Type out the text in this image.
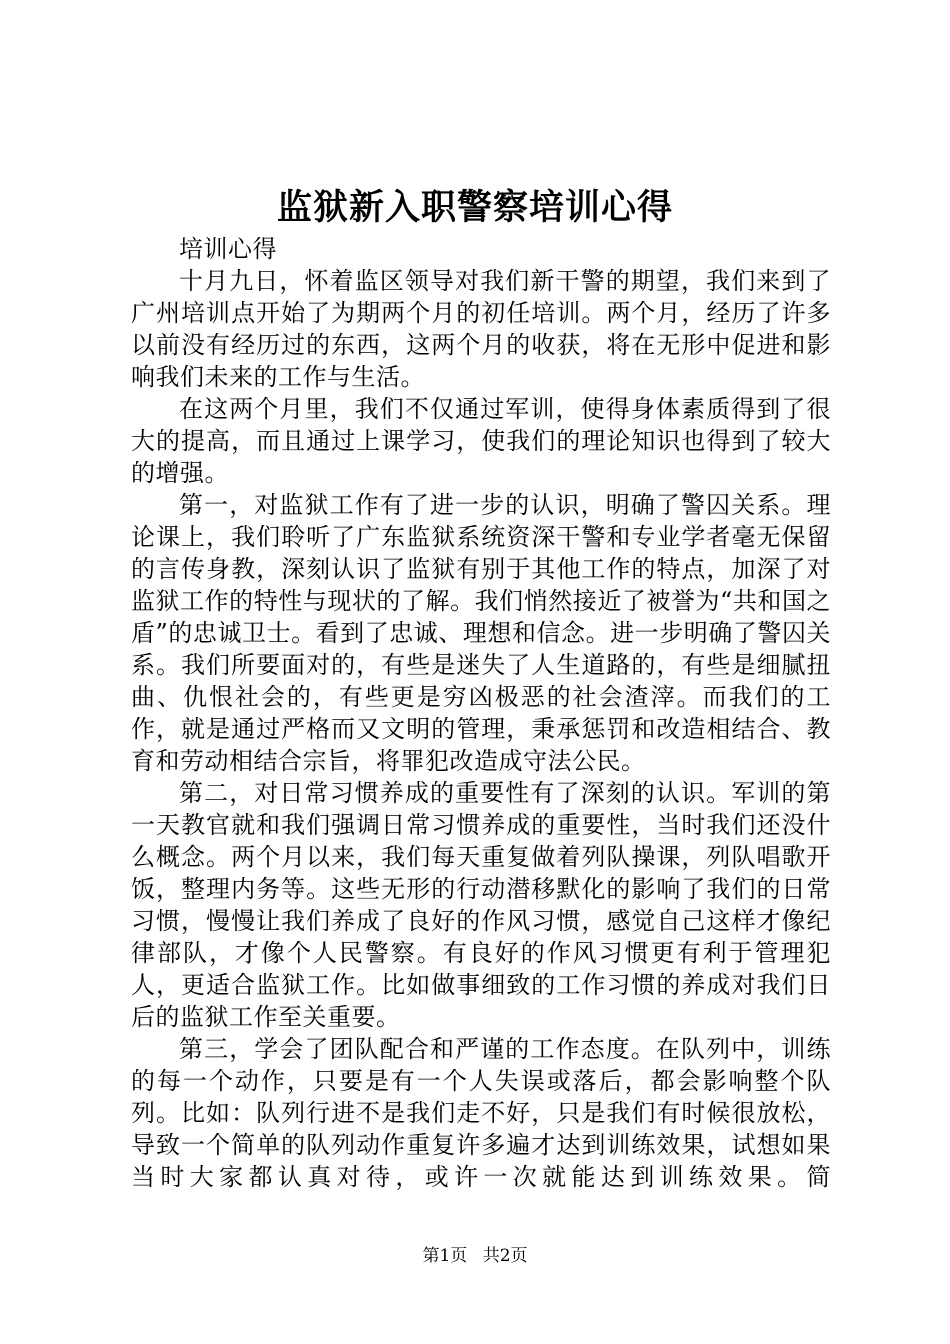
监狱新入职警察培训心得

培训心得

十月九日，怀着监区领导对我们新干警的期望，我们来到了广州培训点开始了为期两个月的初任培训。两个月，经历了许多以前没有经历过的东西，这两个月的收获，将在无形中促进和影响我们未来的工作与生活。

在这两个月里，我们不仅通过军训，使得身体素质得到了很大的提高，而且通过上课学习，使我们的理论知识也得到了较大的增强。

第一，对监狱工作有了进一步的认识，明确了警囚关系。理论课上，我们聆听了广东监狱系统资深干警和专业学者毫无保留的言传身教，深刻认识了监狱有别于其他工作的特点，加深了对监狱工作的特性与现状的了解。我们悄然接近了被誉为“共和国之盾”的忠诚卫士。看到了忠诚、理想和信念。进一步明确了警囚关系。我们所要面对的，有些是迷失了人生道路的，有些是细腻扭曲、仇恨社会的，有些更是穷凶极恶的社会渣滓。而我们的工作，就是通过严格而又文明的管理，秉承惩罚和改造相结合、教育和劳动相结合宗旨，将罪犯改造成守法公民。

第二，对日常习惯养成的重要性有了深刻的认识。军训的第一天教官就和我们强调日常习惯养成的重要性，当时我们还没什么概念。两个月以来，我们每天重复做着列队操课，列队唱歌开饭，整理内务等。这些无形的行动潜移默化的影响了我们的日常习惯，慢慢让我们养成了良好的作风习惯，感觉自己这样才像纪律部队，才像个人民警察。有良好的作风习惯更有利于管理犯人，更适合监狱工作。比如做事细致的工作习惯的养成对我们日后的监狱工作至关重要。

第三，学会了团队配合和严谨的工作态度。在队列中，训练的每一个动作，只要是有一个人失误或落后，都会影响整个队列。比如：队列行进不是我们走不好，只是我们有时候很放松，导致一个简单的队列动作重复许多遍才达到训练效果，试想如果当时大家都认真对待，或许一次就能达到训练效果。简

第1页 共2页
